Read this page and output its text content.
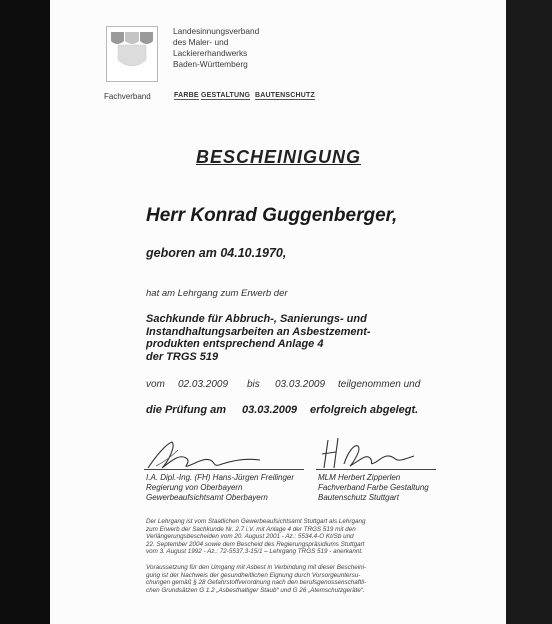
Landesinnungsverband
des Maler- und
Lackiererhandwerks
Baden-Württemberg
Fachverband	FARBE GESTALTUNG BAUTENSCHUTZ
BESCHEINIGUNG
Herr Konrad Guggenberger,
geboren am 04.10.1970,
hat am Lehrgang zum Erwerb der
Sachkunde für Abbruch-, Sanierungs- und
Instandhaltungsarbeiten an Asbestzement-
produkten entsprechend Anlage 4
der TRGS 519
vom 02.03.2009 bis 03.03.2009 teilgenommen und
die Prüfung am 03.03.2009 erfolgreich abgelegt.
I.A. Dipl.-Ing. (FH) Hans-Jürgen Freilinger
Regierung von Oberbayern
Gewerbeaufsichtsamt Oberbayern
MLM Herbert Zipperlen
Fachverband Farbe Gestaltung
Bautenschutz Stuttgart
Der Lehrgang ist vom Staatlichen Gewerbeaufsichtsamt Stuttgart als Lehrgang
zum Erwerb der Sachkunde Nr. 2.7 i.V. mit Anlage 4 der TRGS 519 mit den
Verlängerungsbescheiden vom 20. August 2001 - Az.: 5534.4-O Kt/Sb und
22. September 2004 sowie dem Bescheid des Regierungspräsidiums Stuttgart
vom 3. August 1992 - Az.: 72-5537.3-15/1 – Lehrgang TRGS 519 - anerkannt.
Voraussetzung für den Umgang mit Asbest in Verbindung mit dieser Bescheini-
gung ist der Nachweis der gesundheitlichen Eignung durch Vorsorgeuntersu-
chungen gemäß § 28 Gefahrstoffverordnung nach den berufsgenossenschaftli-
chen Grundsätzen G 1.2 „Asbesthaltiger Staub“ und G 26 „Atemschutzgeräte“.
